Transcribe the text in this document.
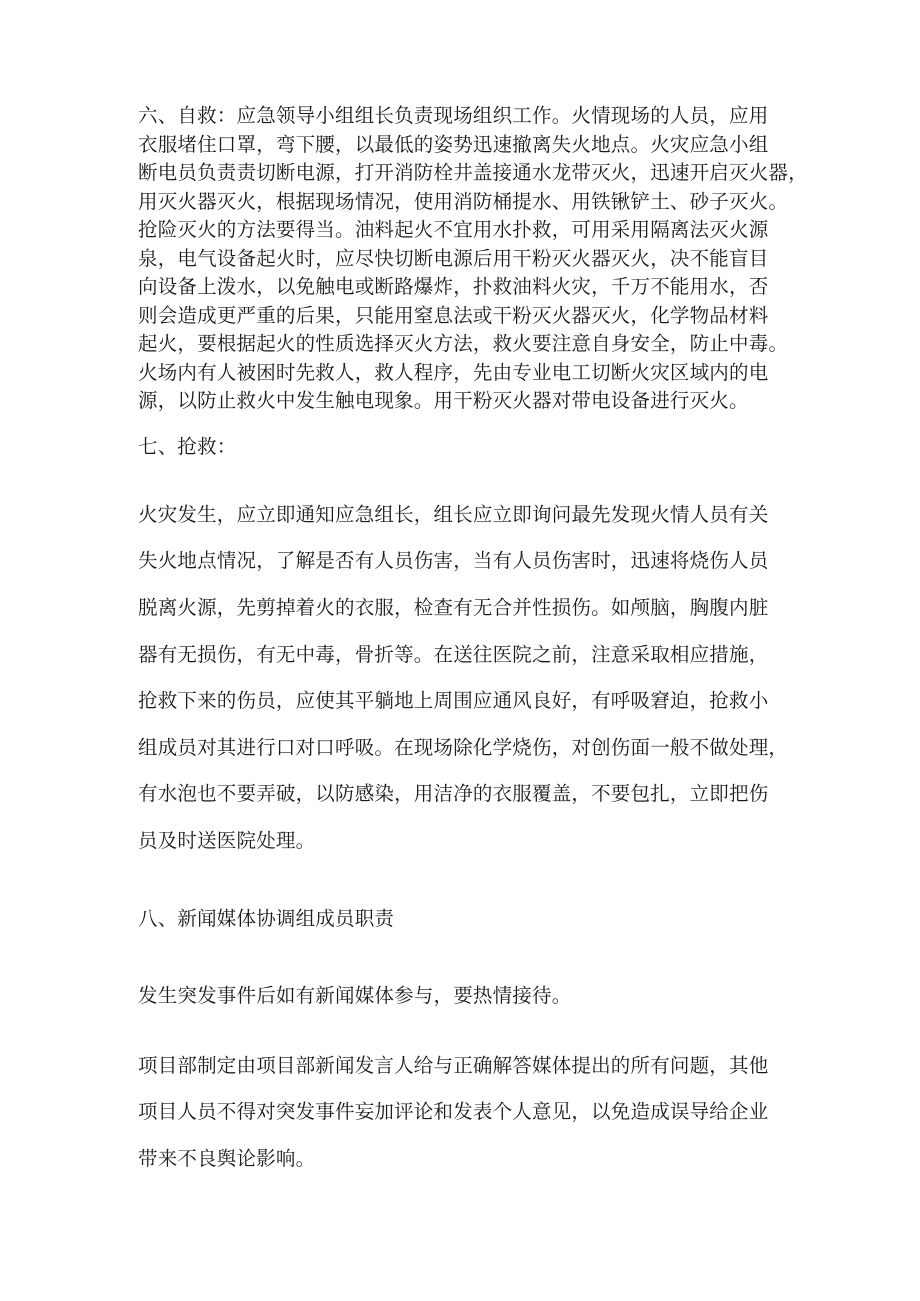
六、自救：应急领导小组组长负责现场组织工作。火情现场的人员，应用
衣服堵住口罩，弯下腰，以最低的姿势迅速撤离失火地点。火灾应急小组
断电员负责责切断电源，打开消防栓井盖接通水龙带灭火，迅速开启灭火器，
用灭火器灭火，根据现场情况，使用消防桶提水、用铁锹铲土、砂子灭火。
抢险灭火的方法要得当。油料起火不宜用水扑救，可用采用隔离法灭火源
泉，电气设备起火时，应尽快切断电源后用干粉灭火器灭火，决不能盲目
向设备上泼水，以免触电或断路爆炸，扑救油料火灾，千万不能用水，否
则会造成更严重的后果，只能用窒息法或干粉灭火器灭火，化学物品材料
起火，要根据起火的性质选择灭火方法，救火要注意自身安全，防止中毒。
火场内有人被困时先救人，救人程序，先由专业电工切断火灾区域内的电
源，以防止救火中发生触电现象。用干粉灭火器对带电设备进行灭火。
七、抢救：
火灾发生，应立即通知应急组长，组长应立即询问最先发现火情人员有关
失火地点情况，了解是否有人员伤害，当有人员伤害时，迅速将烧伤人员
脱离火源，先剪掉着火的衣服，检查有无合并性损伤。如颅脑，胸腹内脏
器有无损伤，有无中毒，骨折等。在送往医院之前，注意采取相应措施，
抢救下来的伤员，应使其平躺地上周围应通风良好，有呼吸窘迫，抢救小
组成员对其进行口对口呼吸。在现场除化学烧伤，对创伤面一般不做处理，
有水泡也不要弄破，以防感染，用洁净的衣服覆盖，不要包扎，立即把伤
员及时送医院处理。
八、新闻媒体协调组成员职责
发生突发事件后如有新闻媒体参与，要热情接待。
项目部制定由项目部新闻发言人给与正确解答媒体提出的所有问题，其他
项目人员不得对突发事件妄加评论和发表个人意见，以免造成误导给企业
带来不良舆论影响。
